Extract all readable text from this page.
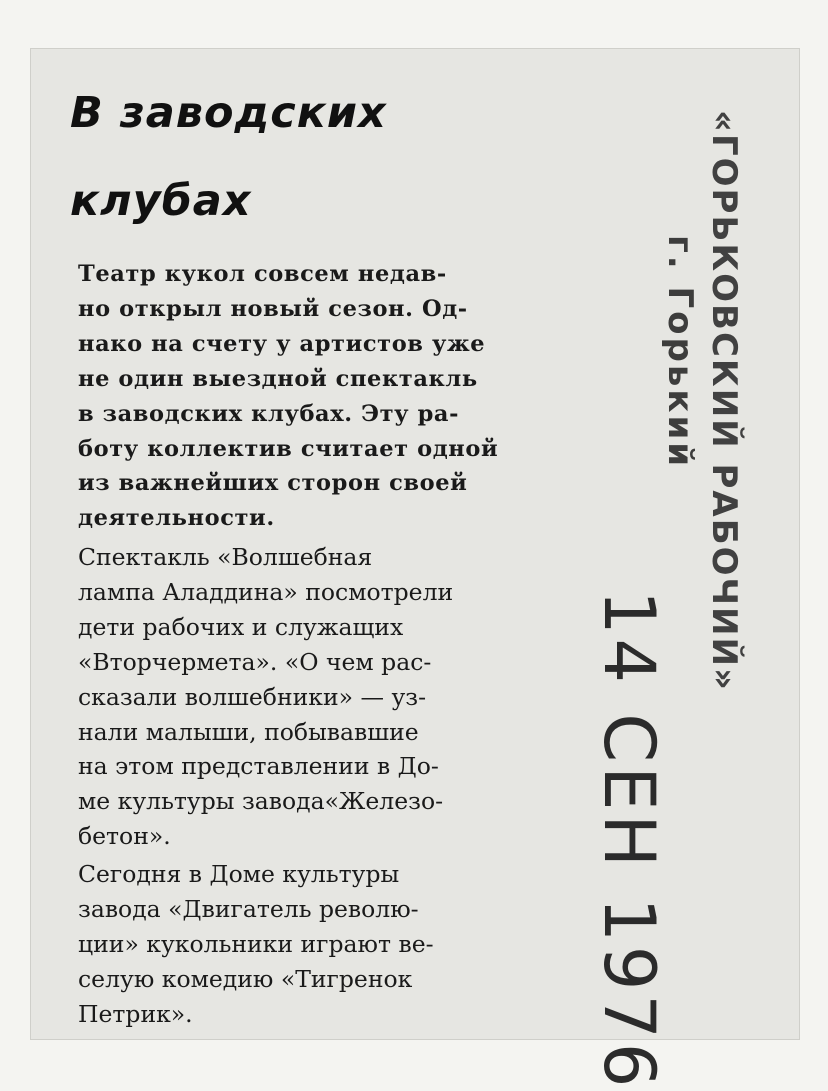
В заводских
клубах

Театр кукол совсем недав-
но открыл новый сезон. Од-
нако на счету у артистов уже
не один выездной спектакль
в заводских клубах. Эту ра-
боту коллектив считает одной
из важнейших сторон своей
деятельности.

Спектакль «Волшебная
лампа Аладдина» посмотрели
дети рабочих и служащих
«Вторчермета». «О чем рас-
сказали волшебники» — уз-
нали малыши, побывавшие
на этом представлении в До-
ме культуры завода«Железо-
бетон».

Сегодня в Доме культуры
завода «Двигатель револю-
ции» кукольники играют ве-
селую комедию «Тигренок
Петрик».

«ГОРЬКОВСКИЙ РАБОЧИЙ»
г. Горький
14 СЕН 1976
